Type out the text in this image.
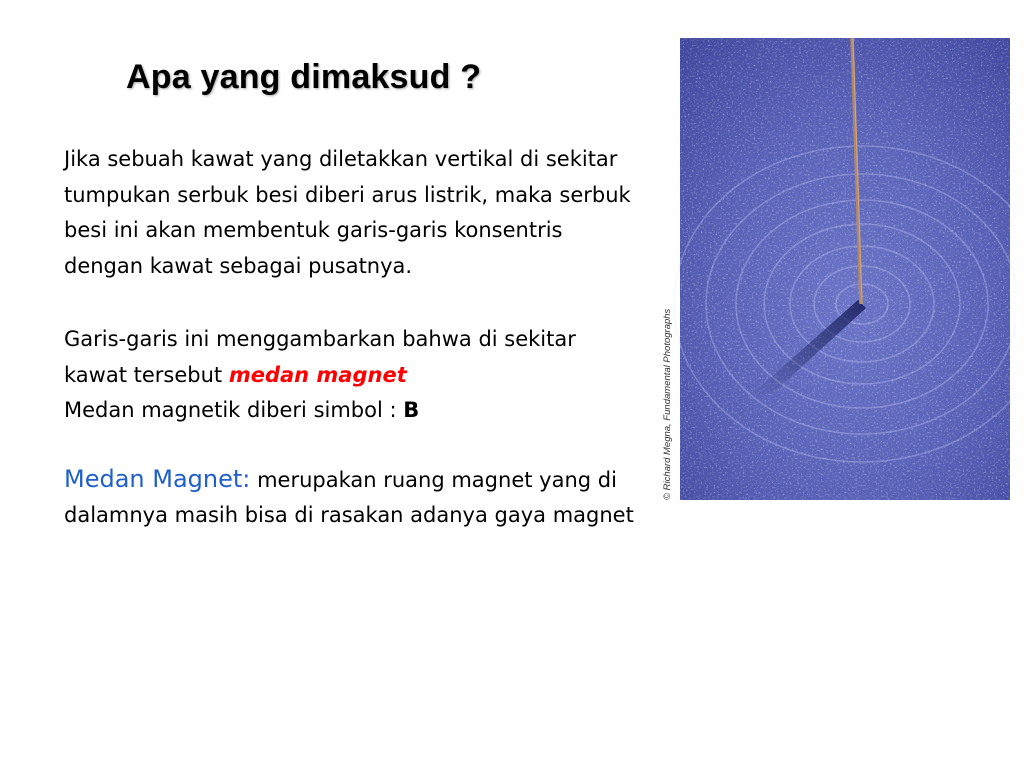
Apa yang dimaksud ?

Jika sebuah kawat yang diletakkan vertikal di sekitar tumpukan serbuk besi diberi arus listrik, maka serbuk besi ini akan membentuk garis-garis konsentris dengan kawat sebagai pusatnya.

Garis-garis ini menggambarkan bahwa di sekitar kawat tersebut medan magnet
Medan magnetik diberi simbol : B

Medan Magnet: merupakan ruang magnet yang di dalamnya masih bisa di rasakan adanya gaya magnet

© Richard Megna, Fundamental Photographs
